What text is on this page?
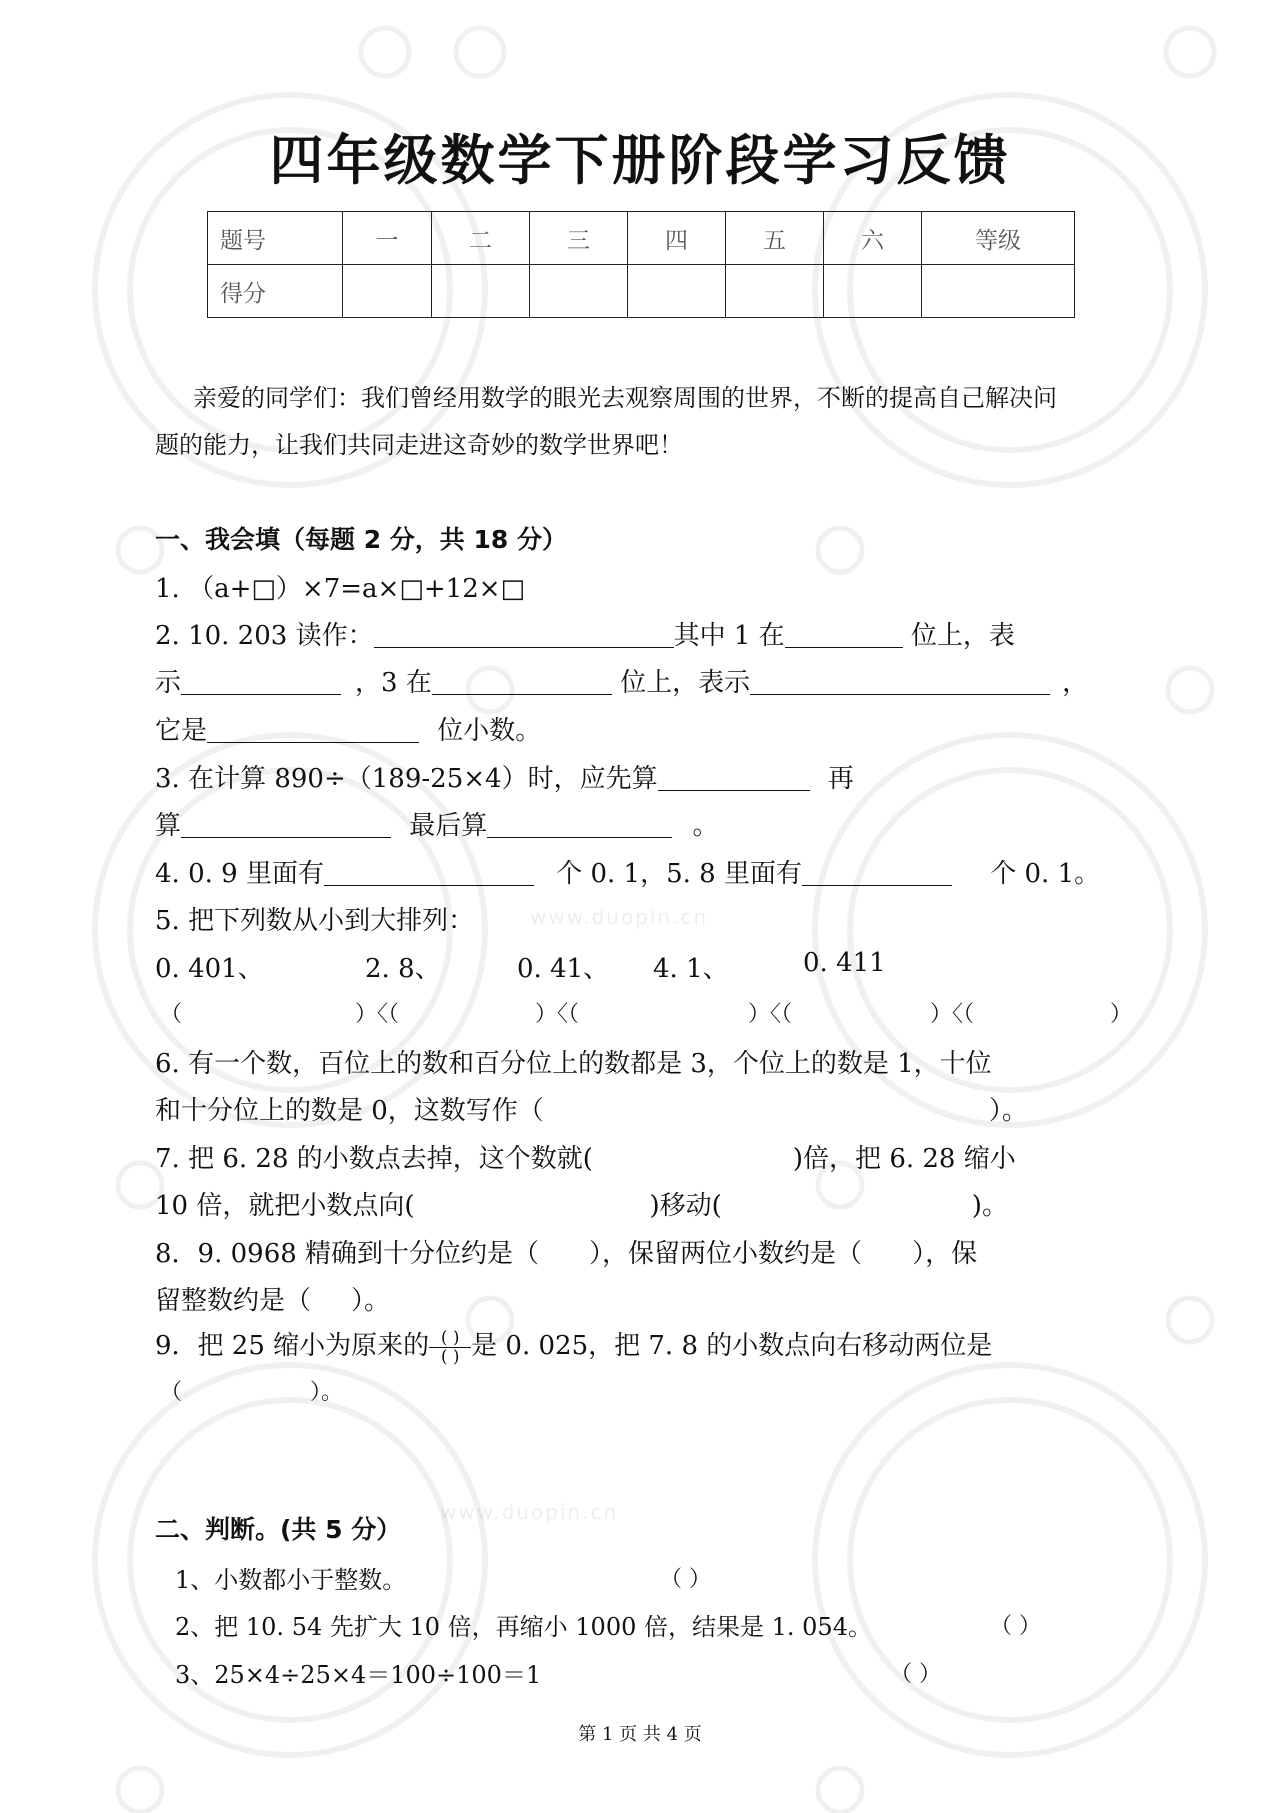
www.duopin.cn
www.duopin.cn
四年级数学下册阶段学习反馈
题号	一	二	三	四	五	六	等级
得分							
亲爱的同学们：我们曾经用数学的眼光去观察周围的世界，不断的提高自己解决问
题的能力，让我们共同走进这奇妙的数学世界吧！
一、我会填（每题 2 分，共 18 分）
1. （a+□）×7=a×□+12×□
2. 10. 203 读作：	其中 1 在	位上，表
示	，3 在	位上，表示	，
它是	位小数。
3. 在计算 890÷（189-25×4）时，应先算	再
算	最后算	。
4. 0. 9 里面有	个 0. 1，5. 8 里面有	个 0. 1。
5. 把下列数从小到大排列：
0. 401、	2. 8、	0. 41、 4. 1、	0. 411
（	）〈（	）〈（	）〈（	）〈（	）
6. 有一个数，百位上的数和百分位上的数都是 3，个位上的数是 1，十位
和十分位上的数是 0，这数写作（	）。
7. 把 6. 28 的小数点去掉，这个数就(	)倍，把 6. 28 缩小
10 倍，就把小数点向(	)移动(	)。
8．9. 0968 精确到十分位约是（ ），保留两位小数约是（ ），保
留整数约是（ ）。
9．把 25 缩小为原来的 $\frac{( )}{( )}$ 是 0. 025，把 7. 8 的小数点向右移动两位是
（	）。
二、判断。(共 5 分）
1、小数都小于整数。	（ ）
2、把 10. 54 先扩大 10 倍，再缩小 1000 倍，结果是 1. 054。	（ ）
3、25×4÷25×4＝100÷100＝1	（ ）
第 1 页 共 4 页
